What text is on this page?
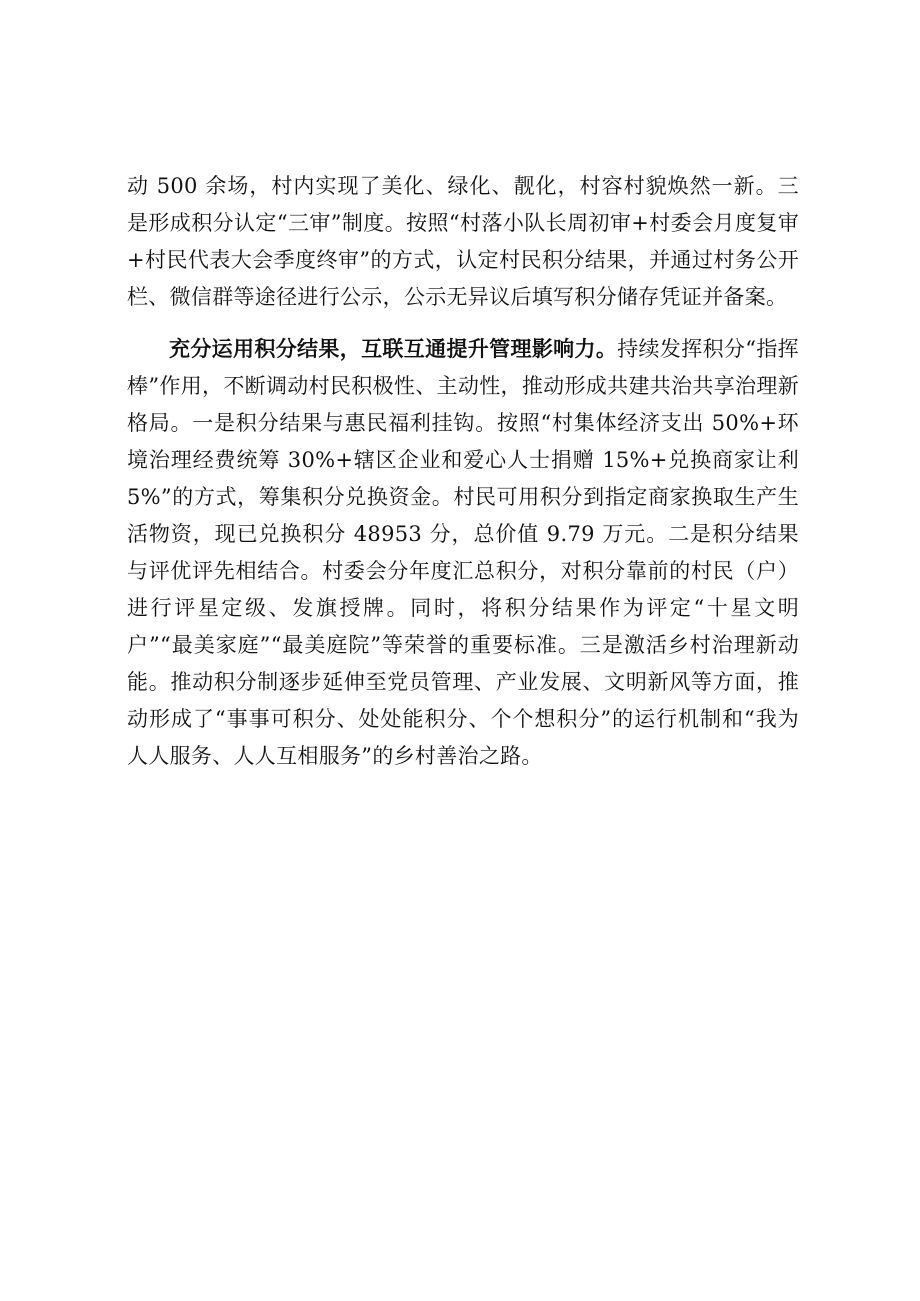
动 500 余场，村内实现了美化、绿化、靓化，村容村貌焕然一新。三是形成积分认定“三审”制度。按照“村落小队长周初审+村委会月度复审+村民代表大会季度终审”的方式，认定村民积分结果，并通过村务公开栏、微信群等途径进行公示，公示无异议后填写积分储存凭证并备案。

充分运用积分结果，互联互通提升管理影响力。持续发挥积分“指挥棒”作用，不断调动村民积极性、主动性，推动形成共建共治共享治理新格局。一是积分结果与惠民福利挂钩。按照“村集体经济支出 50%+环境治理经费统筹 30%+辖区企业和爱心人士捐赠 15%+兑换商家让利 5%”的方式，筹集积分兑换资金。村民可用积分到指定商家换取生产生活物资，现已兑换积分 48953 分，总价值 9.79 万元。二是积分结果与评优评先相结合。村委会分年度汇总积分，对积分靠前的村民（户）进行评星定级、发旗授牌。同时，将积分结果作为评定“十星文明户”“最美家庭”“最美庭院”等荣誉的重要标准。三是激活乡村治理新动能。推动积分制逐步延伸至党员管理、产业发展、文明新风等方面，推动形成了“事事可积分、处处能积分、个个想积分”的运行机制和“我为人人服务、人人互相服务”的乡村善治之路。
